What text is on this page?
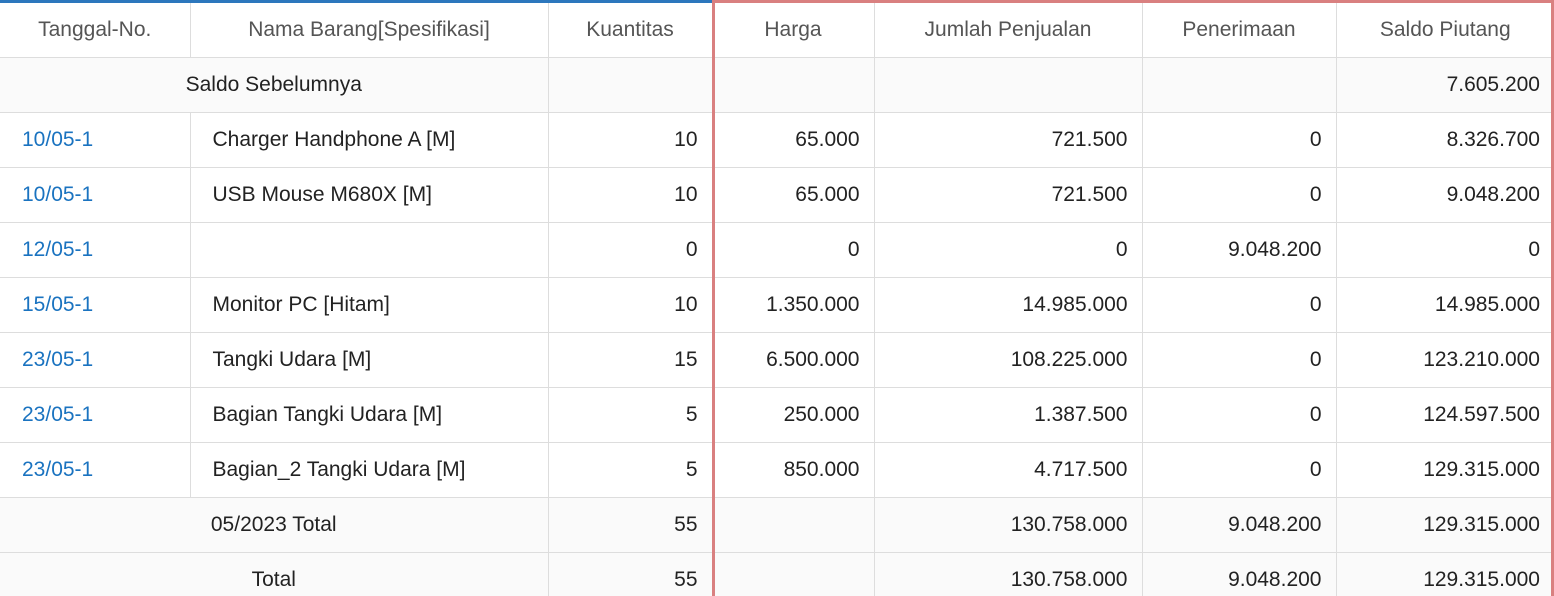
Tanggal-No.	Nama Barang[Spesifikasi]	Kuantitas	Harga	Jumlah Penjualan	Penerimaan	Saldo Piutang
Saldo Sebelumnya						7.605.200
10/05-1	Charger Handphone A [M]	10	65.000	721.500	0	8.326.700
10/05-1	USB Mouse M680X [M]	10	65.000	721.500	0	9.048.200
12/05-1		0	0	0	9.048.200	0
15/05-1	Monitor PC [Hitam]	10	1.350.000	14.985.000	0	14.985.000
23/05-1	Tangki Udara [M]	15	6.500.000	108.225.000	0	123.210.000
23/05-1	Bagian Tangki Udara [M]	5	250.000	1.387.500	0	124.597.500
23/05-1	Bagian_2 Tangki Udara [M]	5	850.000	4.717.500	0	129.315.000
05/2023 Total		55		130.758.000	9.048.200	129.315.000
Total		55		130.758.000	9.048.200	129.315.000
